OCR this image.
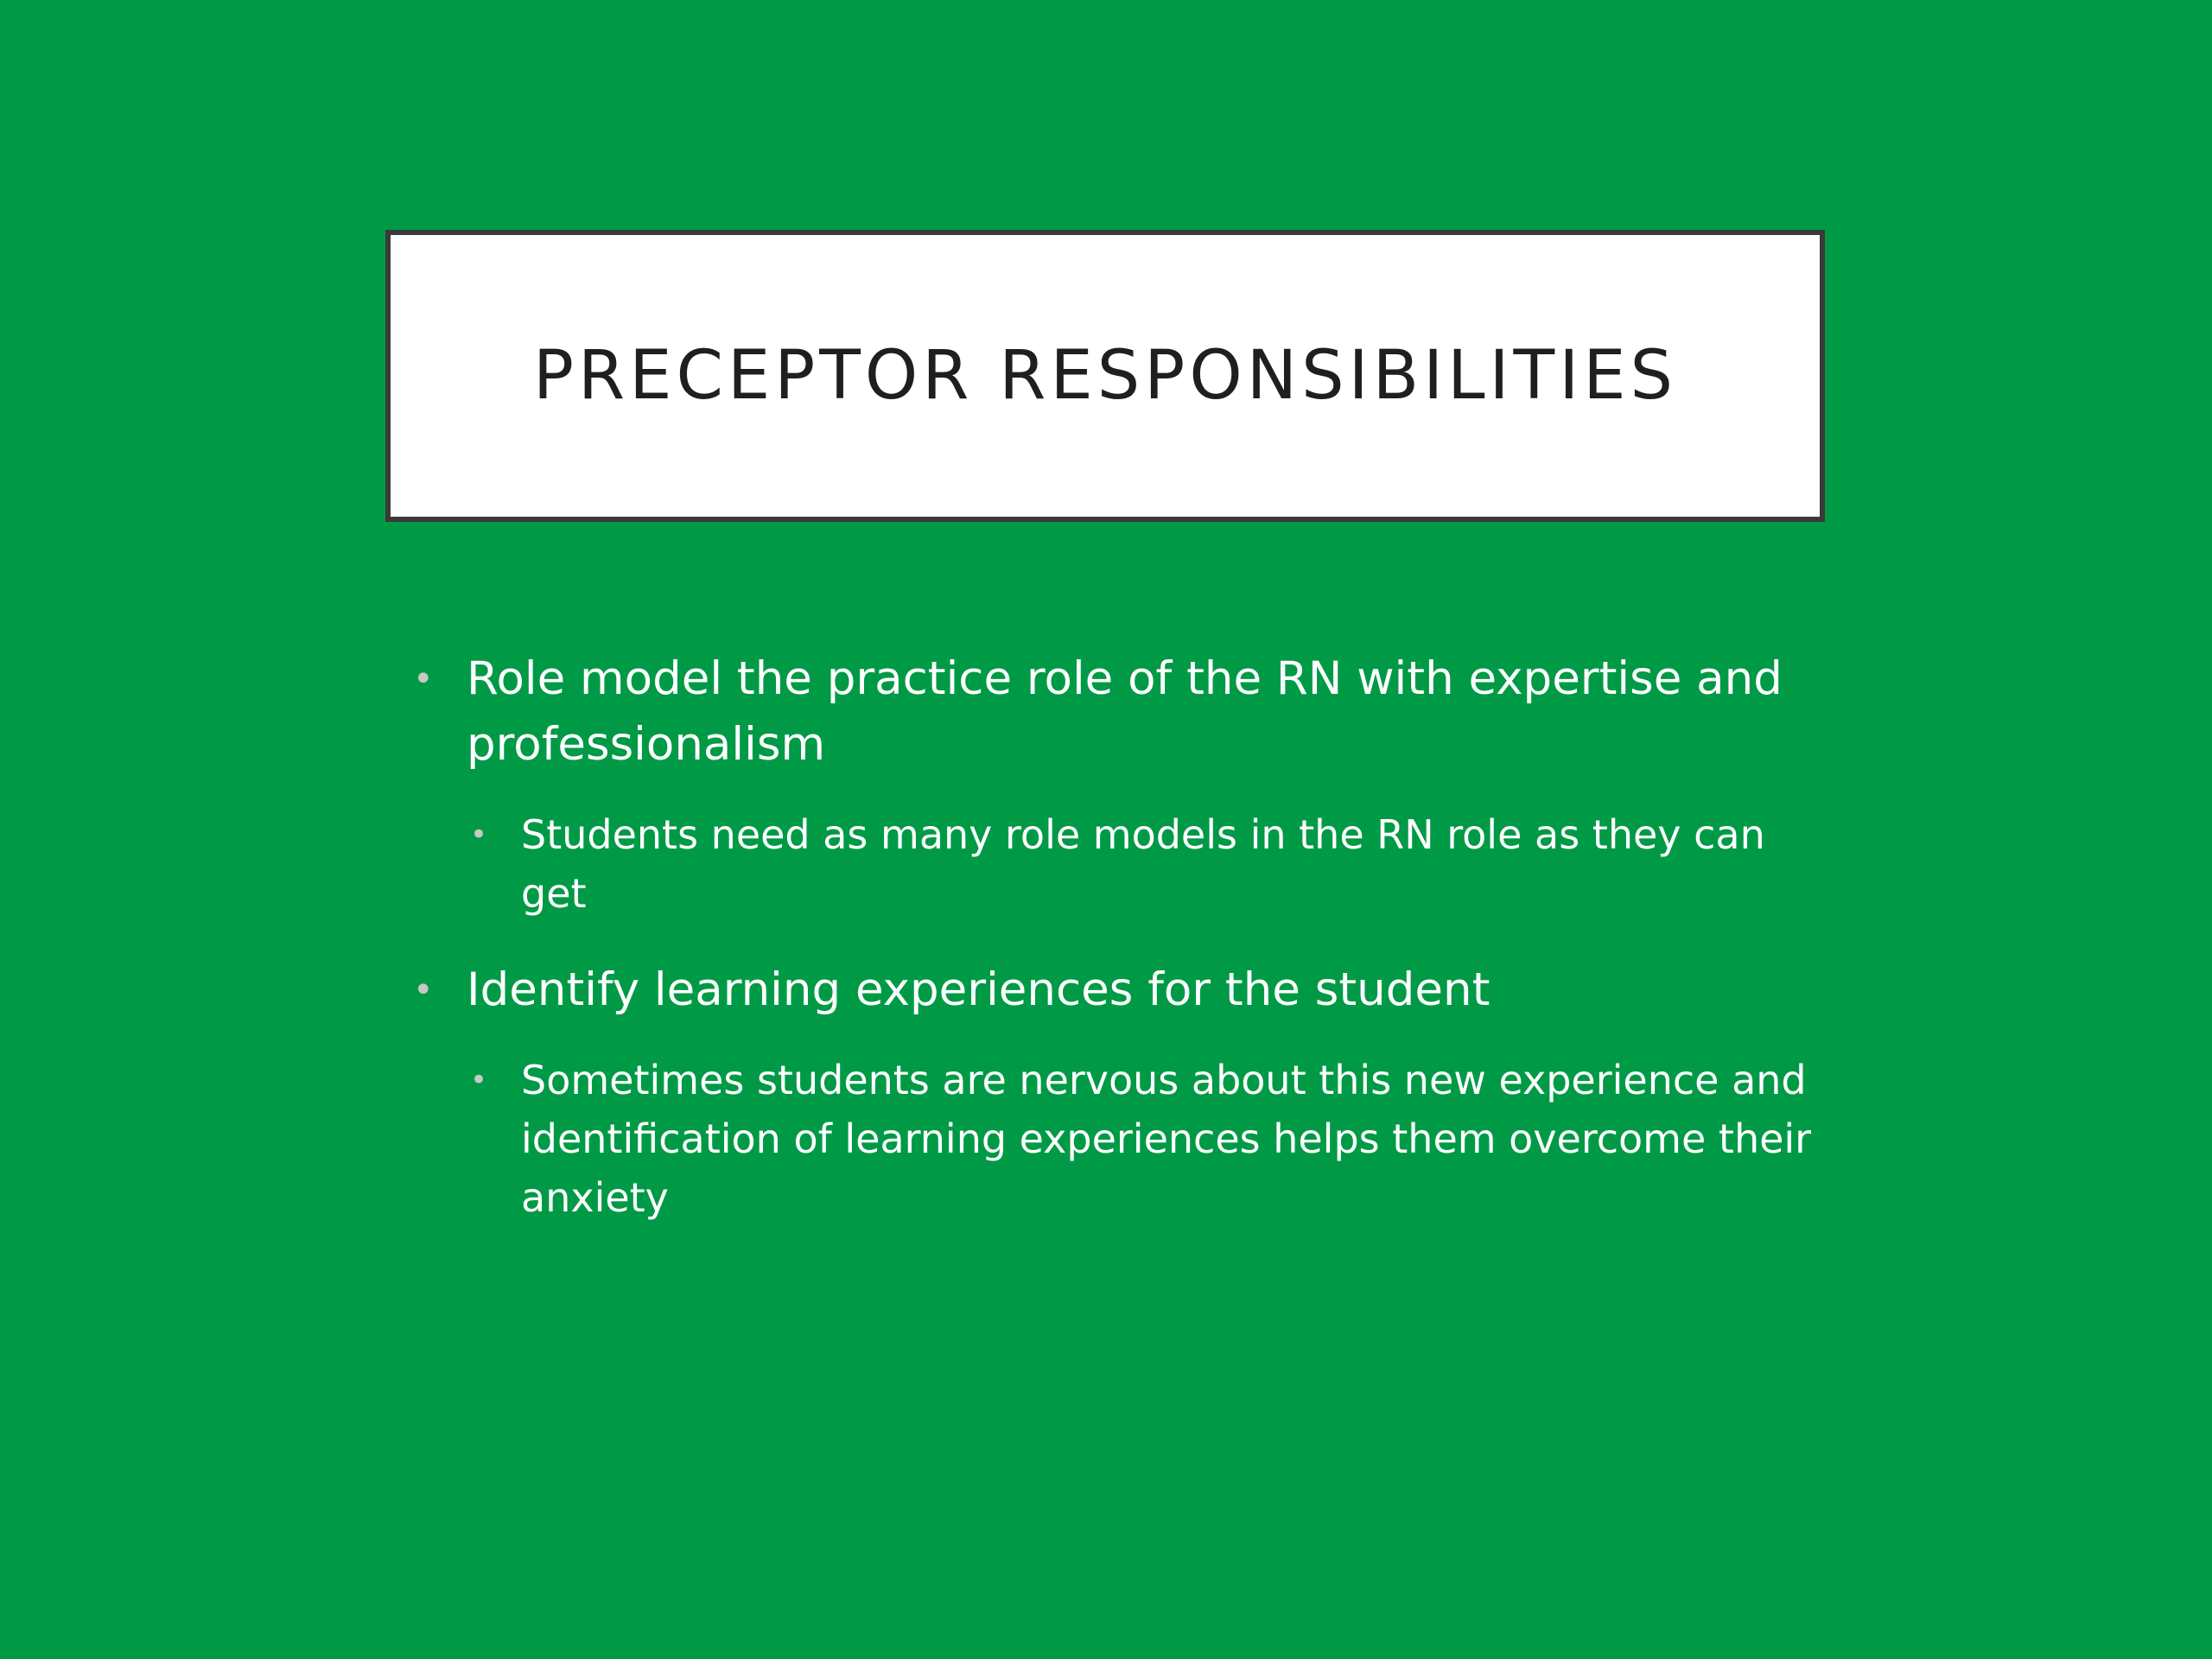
PRECEPTOR RESPONSIBILITIES
• Role model the practice role of the RN with expertise and professionalism
• Students need as many role models in the RN role as they can get
• Identify learning experiences for the student
• Sometimes students are nervous about this new experience and identification of learning experiences helps them overcome their anxiety
